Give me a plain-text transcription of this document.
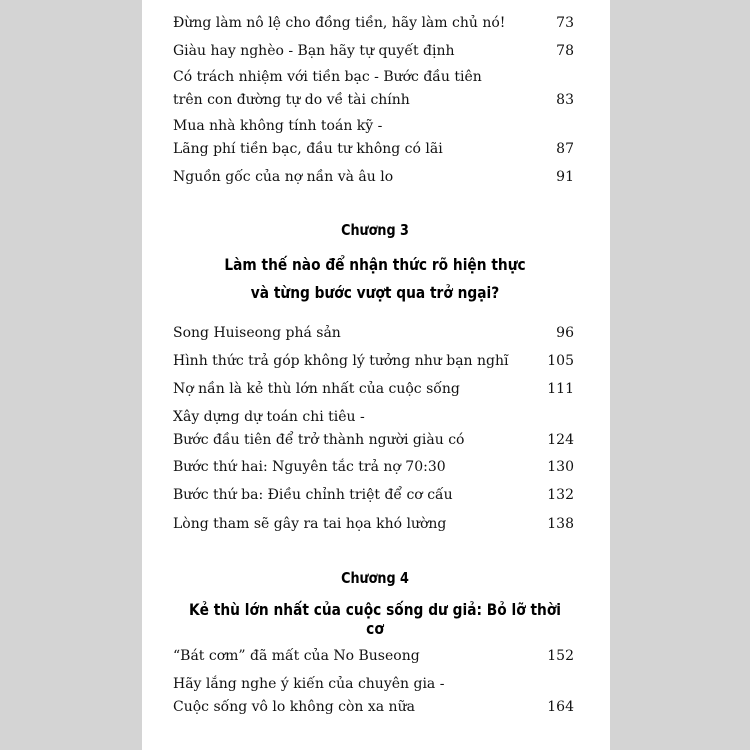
Đừng làm nô lệ cho đồng tiền, hãy làm chủ nó!	73
Giàu hay nghèo - Bạn hãy tự quyết định	78
Có trách nhiệm với tiền bạc - Bước đầu tiên
trên con đường tự do về tài chính	83
Mua nhà không tính toán kỹ -
Lãng phí tiền bạc, đầu tư không có lãi	87
Nguồn gốc của nợ nần và âu lo	91
Chương 3
Làm thế nào để nhận thức rõ hiện thực
và từng bước vượt qua trở ngại?
Song Huiseong phá sản	96
Hình thức trả góp không lý tưởng như bạn nghĩ	105
Nợ nần là kẻ thù lớn nhất của cuộc sống	111
Xây dựng dự toán chi tiêu -
Bước đầu tiên để trở thành người giàu có	124
Bước thứ hai: Nguyên tắc trả nợ 70:30	130
Bước thứ ba: Điều chỉnh triệt để cơ cấu	132
Lòng tham sẽ gây ra tai họa khó lường	138
Chương 4
Kẻ thù lớn nhất của cuộc sống dư giả: Bỏ lỡ thời cơ
“Bát cơm” đã mất của No Buseong	152
Hãy lắng nghe ý kiến của chuyên gia -
Cuộc sống vô lo không còn xa nữa	164
